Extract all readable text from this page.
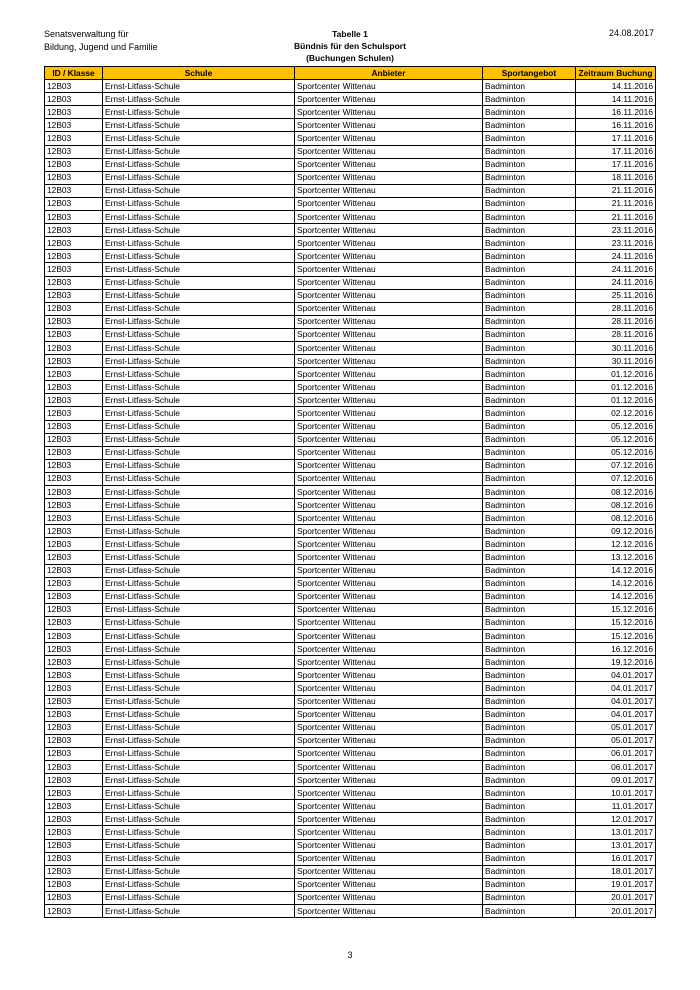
Senatsverwaltung für
Bildung, Jugend und Familie
Tabelle 1
Bündnis für den Schulsport
(Buchungen Schulen)
24.08.2017
ID / Klasse	Schule	Anbieter	Sportangebot	Zeitraum Buchung
12B03	Ernst-Litfass-Schule	Sportcenter Wittenau	Badminton	14.11.2016
12B03	Ernst-Litfass-Schule	Sportcenter Wittenau	Badminton	14.11.2016
12B03	Ernst-Litfass-Schule	Sportcenter Wittenau	Badminton	16.11.2016
12B03	Ernst-Litfass-Schule	Sportcenter Wittenau	Badminton	16.11.2016
12B03	Ernst-Litfass-Schule	Sportcenter Wittenau	Badminton	17.11.2016
12B03	Ernst-Litfass-Schule	Sportcenter Wittenau	Badminton	17.11.2016
12B03	Ernst-Litfass-Schule	Sportcenter Wittenau	Badminton	17.11.2016
12B03	Ernst-Litfass-Schule	Sportcenter Wittenau	Badminton	18.11.2016
12B03	Ernst-Litfass-Schule	Sportcenter Wittenau	Badminton	21.11.2016
12B03	Ernst-Litfass-Schule	Sportcenter Wittenau	Badminton	21.11.2016
12B03	Ernst-Litfass-Schule	Sportcenter Wittenau	Badminton	21.11.2016
12B03	Ernst-Litfass-Schule	Sportcenter Wittenau	Badminton	23.11.2016
12B03	Ernst-Litfass-Schule	Sportcenter Wittenau	Badminton	23.11.2016
12B03	Ernst-Litfass-Schule	Sportcenter Wittenau	Badminton	24.11.2016
12B03	Ernst-Litfass-Schule	Sportcenter Wittenau	Badminton	24.11.2016
12B03	Ernst-Litfass-Schule	Sportcenter Wittenau	Badminton	24.11.2016
12B03	Ernst-Litfass-Schule	Sportcenter Wittenau	Badminton	25.11.2016
12B03	Ernst-Litfass-Schule	Sportcenter Wittenau	Badminton	28.11.2016
12B03	Ernst-Litfass-Schule	Sportcenter Wittenau	Badminton	28.11.2016
12B03	Ernst-Litfass-Schule	Sportcenter Wittenau	Badminton	28.11.2016
12B03	Ernst-Litfass-Schule	Sportcenter Wittenau	Badminton	30.11.2016
12B03	Ernst-Litfass-Schule	Sportcenter Wittenau	Badminton	30.11.2016
12B03	Ernst-Litfass-Schule	Sportcenter Wittenau	Badminton	01.12.2016
12B03	Ernst-Litfass-Schule	Sportcenter Wittenau	Badminton	01.12.2016
12B03	Ernst-Litfass-Schule	Sportcenter Wittenau	Badminton	01.12.2016
12B03	Ernst-Litfass-Schule	Sportcenter Wittenau	Badminton	02.12.2016
12B03	Ernst-Litfass-Schule	Sportcenter Wittenau	Badminton	05.12.2016
12B03	Ernst-Litfass-Schule	Sportcenter Wittenau	Badminton	05.12.2016
12B03	Ernst-Litfass-Schule	Sportcenter Wittenau	Badminton	05.12.2016
12B03	Ernst-Litfass-Schule	Sportcenter Wittenau	Badminton	07.12.2016
12B03	Ernst-Litfass-Schule	Sportcenter Wittenau	Badminton	07.12.2016
12B03	Ernst-Litfass-Schule	Sportcenter Wittenau	Badminton	08.12.2016
12B03	Ernst-Litfass-Schule	Sportcenter Wittenau	Badminton	08.12.2016
12B03	Ernst-Litfass-Schule	Sportcenter Wittenau	Badminton	08.12.2016
12B03	Ernst-Litfass-Schule	Sportcenter Wittenau	Badminton	09.12.2016
12B03	Ernst-Litfass-Schule	Sportcenter Wittenau	Badminton	12.12.2016
12B03	Ernst-Litfass-Schule	Sportcenter Wittenau	Badminton	13.12.2016
12B03	Ernst-Litfass-Schule	Sportcenter Wittenau	Badminton	14.12.2016
12B03	Ernst-Litfass-Schule	Sportcenter Wittenau	Badminton	14.12.2016
12B03	Ernst-Litfass-Schule	Sportcenter Wittenau	Badminton	14.12.2016
12B03	Ernst-Litfass-Schule	Sportcenter Wittenau	Badminton	15.12.2016
12B03	Ernst-Litfass-Schule	Sportcenter Wittenau	Badminton	15.12.2016
12B03	Ernst-Litfass-Schule	Sportcenter Wittenau	Badminton	15.12.2016
12B03	Ernst-Litfass-Schule	Sportcenter Wittenau	Badminton	16.12.2016
12B03	Ernst-Litfass-Schule	Sportcenter Wittenau	Badminton	19.12.2016
12B03	Ernst-Litfass-Schule	Sportcenter Wittenau	Badminton	04.01.2017
12B03	Ernst-Litfass-Schule	Sportcenter Wittenau	Badminton	04.01.2017
12B03	Ernst-Litfass-Schule	Sportcenter Wittenau	Badminton	04.01.2017
12B03	Ernst-Litfass-Schule	Sportcenter Wittenau	Badminton	04.01.2017
12B03	Ernst-Litfass-Schule	Sportcenter Wittenau	Badminton	05.01.2017
12B03	Ernst-Litfass-Schule	Sportcenter Wittenau	Badminton	05.01.2017
12B03	Ernst-Litfass-Schule	Sportcenter Wittenau	Badminton	06.01.2017
12B03	Ernst-Litfass-Schule	Sportcenter Wittenau	Badminton	06.01.2017
12B03	Ernst-Litfass-Schule	Sportcenter Wittenau	Badminton	09.01.2017
12B03	Ernst-Litfass-Schule	Sportcenter Wittenau	Badminton	10.01.2017
12B03	Ernst-Litfass-Schule	Sportcenter Wittenau	Badminton	11.01.2017
12B03	Ernst-Litfass-Schule	Sportcenter Wittenau	Badminton	12.01.2017
12B03	Ernst-Litfass-Schule	Sportcenter Wittenau	Badminton	13.01.2017
12B03	Ernst-Litfass-Schule	Sportcenter Wittenau	Badminton	13.01.2017
12B03	Ernst-Litfass-Schule	Sportcenter Wittenau	Badminton	16.01.2017
12B03	Ernst-Litfass-Schule	Sportcenter Wittenau	Badminton	18.01.2017
12B03	Ernst-Litfass-Schule	Sportcenter Wittenau	Badminton	19.01.2017
12B03	Ernst-Litfass-Schule	Sportcenter Wittenau	Badminton	20.01.2017
12B03	Ernst-Litfass-Schule	Sportcenter Wittenau	Badminton	20.01.2017
3
